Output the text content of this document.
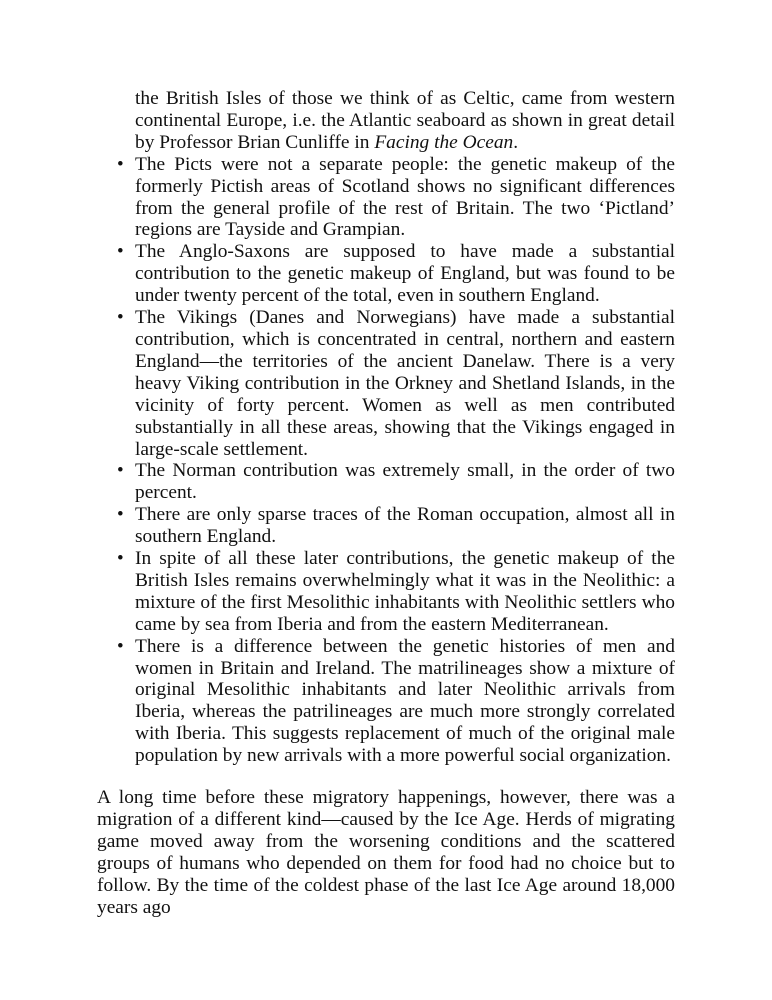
the British Isles of those we think of as Celtic, came from western continental Europe, i.e. the Atlantic seaboard as shown in great detail by Professor Brian Cunliffe in Facing the Ocean.

• The Picts were not a separate people: the genetic makeup of the formerly Pictish areas of Scotland shows no significant differences from the general profile of the rest of Britain. The two ‘Pictland’ regions are Tayside and Grampian.
• The Anglo-Saxons are supposed to have made a substantial contribution to the genetic makeup of England, but was found to be under twenty percent of the total, even in southern England.
• The Vikings (Danes and Norwegians) have made a substantial contribution, which is concentrated in central, northern and eastern England—the territories of the ancient Danelaw. There is a very heavy Viking contribution in the Orkney and Shetland Islands, in the vicinity of forty percent. Women as well as men contributed substantially in all these areas, showing that the Vikings engaged in large-scale settlement.
• The Norman contribution was extremely small, in the order of two percent.
• There are only sparse traces of the Roman occupation, almost all in southern England.
• In spite of all these later contributions, the genetic makeup of the British Isles remains overwhelmingly what it was in the Neolithic: a mixture of the first Mesolithic inhabitants with Neolithic settlers who came by sea from Iberia and from the eastern Mediterranean.
• There is a difference between the genetic histories of men and women in Britain and Ireland. The matrilineages show a mixture of original Mesolithic inhabitants and later Neolithic arrivals from Iberia, whereas the patrilineages are much more strongly correlated with Iberia. This suggests replacement of much of the original male population by new arrivals with a more powerful social organization.

A long time before these migratory happenings, however, there was a migration of a different kind—caused by the Ice Age. Herds of migrating game moved away from the worsening conditions and the scattered groups of humans who depended on them for food had no choice but to follow. By the time of the coldest phase of the last Ice Age around 18,000 years ago
